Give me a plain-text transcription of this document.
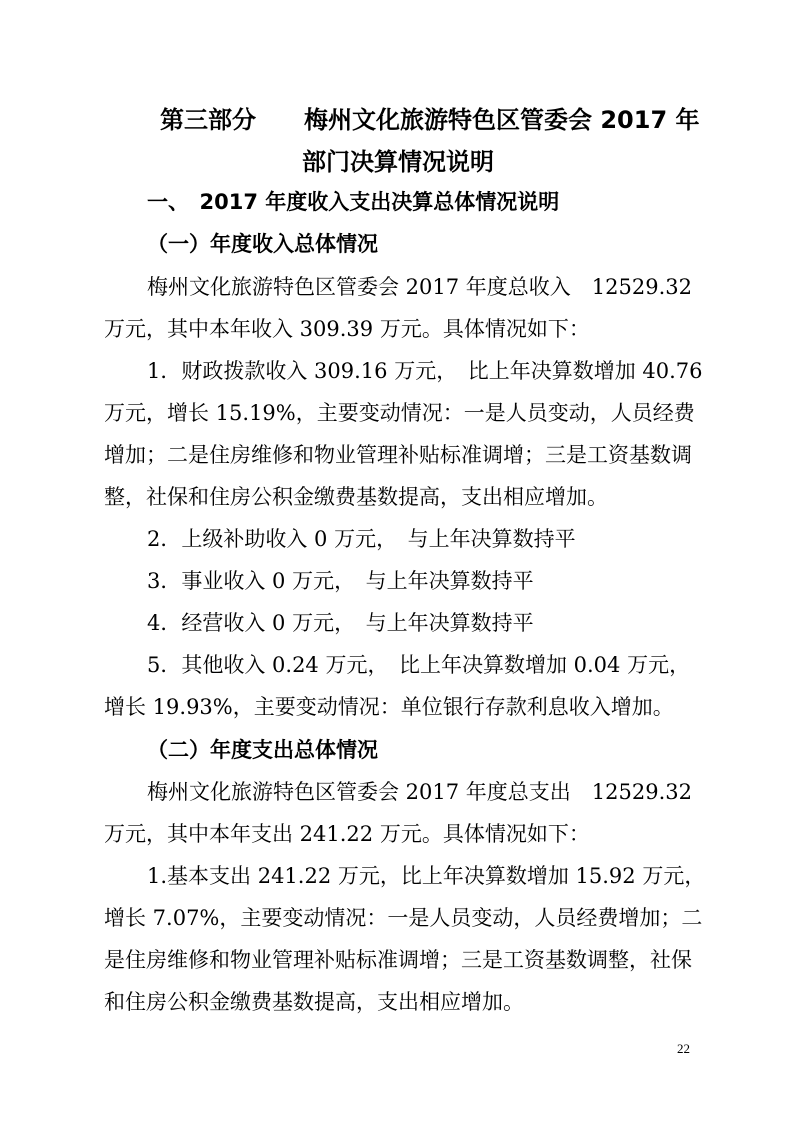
第三部分　　梅州文化旅游特色区管委会 2017 年
部门决算情况说明
一、　2017 年度收入支出决算总体情况说明
（一）年度收入总体情况
梅州文化旅游特色区管委会 2017 年度总收入　12529.32
万元，其中本年收入 309.39 万元。具体情况如下：
1．财政拨款收入 309.16 万元，　比上年决算数增加 40.76
万元，增长 15.19%，主要变动情况：一是人员变动，人员经费
增加；二是住房维修和物业管理补贴标准调增；三是工资基数调
整，社保和住房公积金缴费基数提高，支出相应增加。
2．上级补助收入 0 万元，　与上年决算数持平
3．事业收入 0 万元，　与上年决算数持平
4．经营收入 0 万元，　与上年决算数持平
5．其他收入 0.24 万元，　比上年决算数增加 0.04 万元，
增长 19.93%，主要变动情况：单位银行存款利息收入增加。
（二）年度支出总体情况
梅州文化旅游特色区管委会 2017 年度总支出　12529.32
万元，其中本年支出 241.22 万元。具体情况如下：
1.基本支出 241.22 万元，比上年决算数增加 15.92 万元，
增长 7.07%，主要变动情况：一是人员变动，人员经费增加；二
是住房维修和物业管理补贴标准调增；三是工资基数调整，社保
和住房公积金缴费基数提高，支出相应增加。
22
